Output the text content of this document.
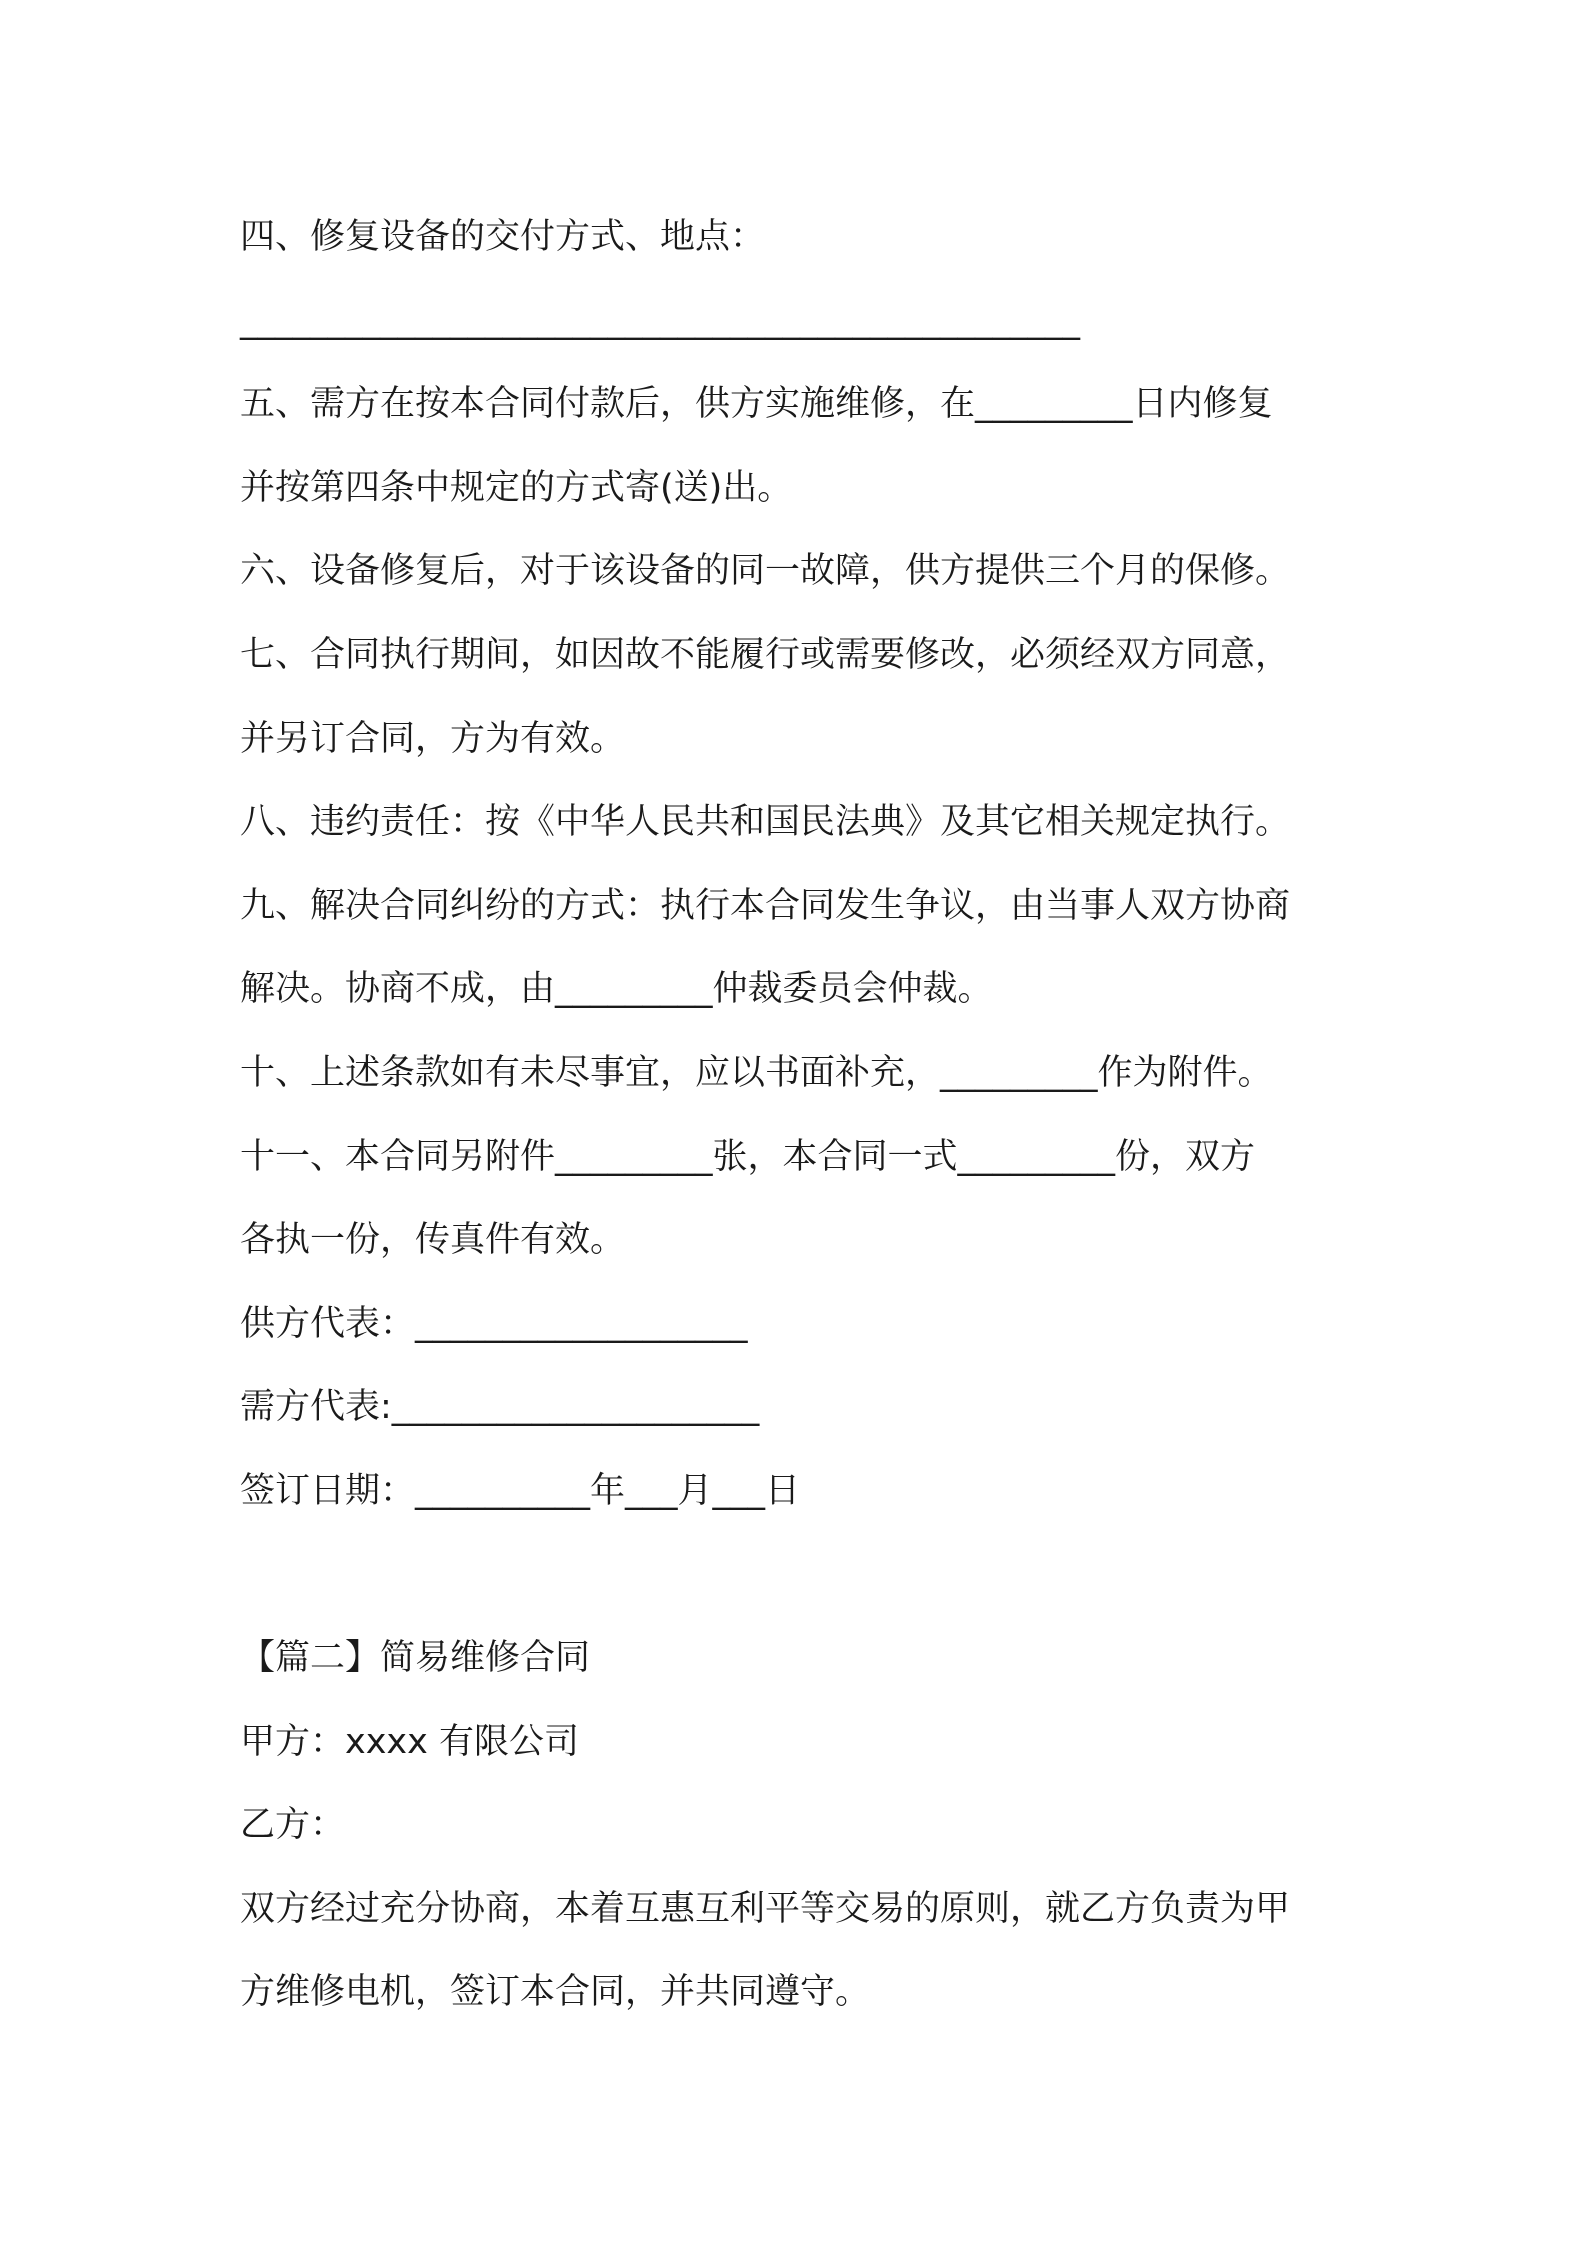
四、修复设备的交付方式、地点：
________________________________________________
五、需方在按本合同付款后，供方实施维修，在_________日内修复
并按第四条中规定的方式寄(送)出。
六、设备修复后，对于该设备的同一故障，供方提供三个月的保修。
七、合同执行期间，如因故不能履行或需要修改，必须经双方同意，
并另订合同，方为有效。
八、违约责任：按《中华人民共和国民法典》及其它相关规定执行。
九、解决合同纠纷的方式：执行本合同发生争议，由当事人双方协商
解决。协商不成，由_________仲裁委员会仲裁。
十、上述条款如有未尽事宜，应以书面补充，_________作为附件。
十一、本合同另附件_________张，本合同一式_________份，双方
各执一份，传真件有效。
供方代表：___________________
需方代表:_____________________
签订日期：__________年___月___日
【篇二】简易维修合同
甲方：xxxx 有限公司
乙方：
双方经过充分协商，本着互惠互利平等交易的原则，就乙方负责为甲
方维修电机，签订本合同，并共同遵守。
